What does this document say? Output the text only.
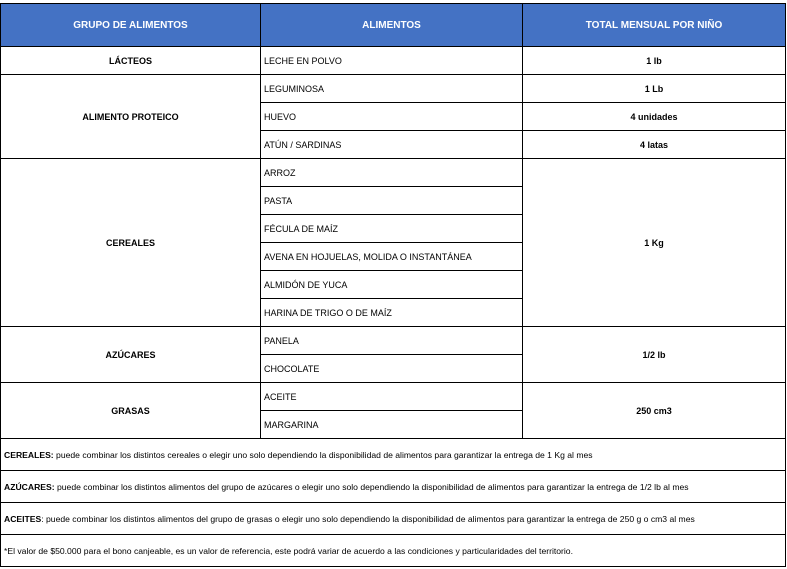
GRUPO DE ALIMENTOS	ALIMENTOS	TOTAL MENSUAL POR NIÑO
LÁCTEOS	LECHE EN POLVO	1 lb
ALIMENTO PROTEICO	LEGUMINOSA	1 Lb
	HUEVO	4 unidades
	ATÚN / SARDINAS	4 latas
CEREALES	ARROZ	1 Kg
	PASTA	
	FÉCULA DE MAÍZ	
	AVENA EN HOJUELAS, MOLIDA O INSTANTÁNEA	
	ALMIDÓN DE YUCA	
	HARINA DE TRIGO O DE MAÍZ	
AZÚCARES	PANELA	1/2 lb
	CHOCOLATE	
GRASAS	ACEITE	250 cm3
	MARGARINA	
CEREALES: puede combinar los distintos cereales o elegir uno solo dependiendo la disponibilidad de alimentos para garantizar la entrega de 1 Kg al mes		
AZÚCARES: puede combinar los distintos alimentos del grupo de azúcares o elegir uno solo dependiendo la disponibilidad de alimentos para garantizar la entrega de 1/2 lb al mes		
ACEITES: puede combinar los distintos alimentos del grupo de grasas o elegir uno solo dependiendo la disponibilidad de alimentos para garantizar la entrega de 250 g o cm3 al mes		
*El valor de $50.000 para el bono canjeable, es un valor de referencia, este podrá variar de acuerdo a las condiciones y particularidades del territorio.		
